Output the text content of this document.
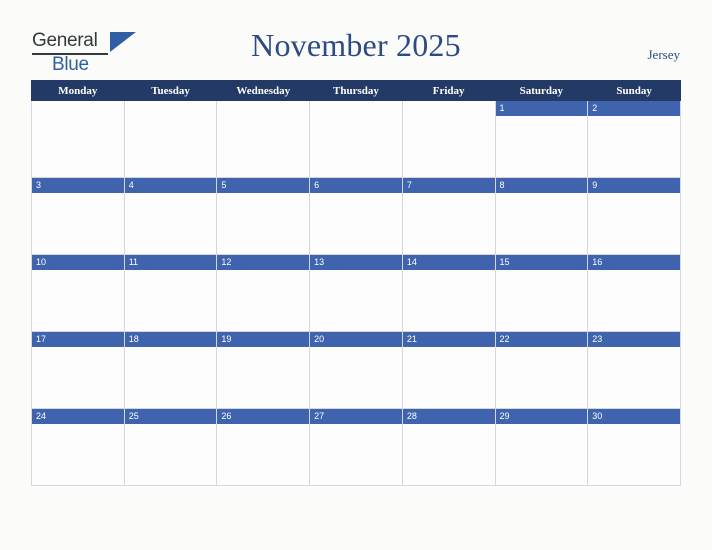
General
Blue
November 2025	Jersey
Monday	Tuesday	Wednesday	Thursday	Friday	Saturday	Sunday

					1	2

3	4	5	6	7	8	9

10	11	12	13	14	15	16

17	18	19	20	21	22	23

24	25	26	27	28	29	30
